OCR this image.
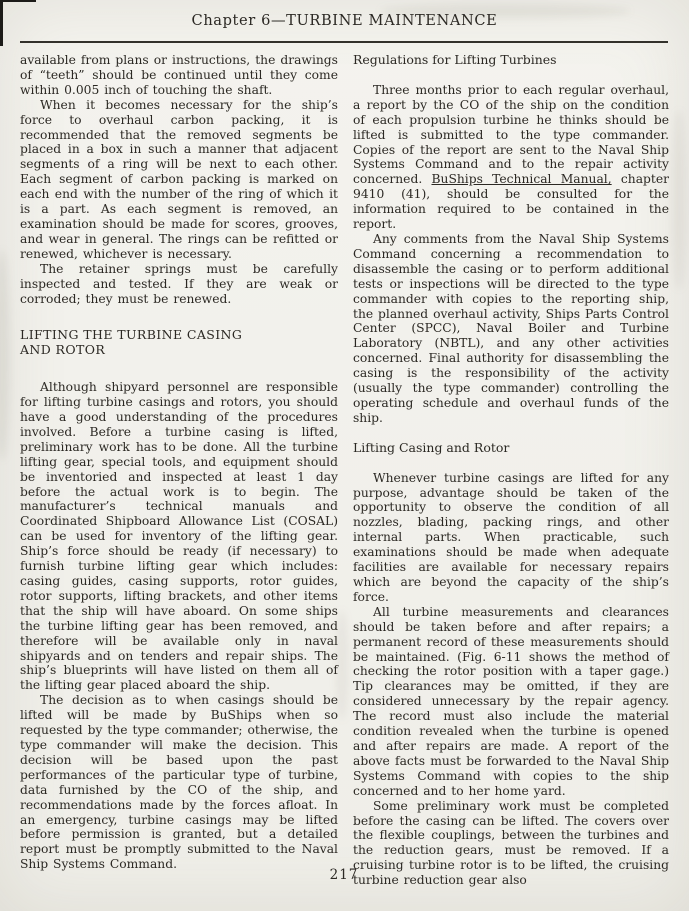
Chapter 6—TURBINE MAINTENANCE

available from plans or instructions, the drawings of “teeth” should be continued until they come within 0.005 inch of touching the shaft.

When it becomes necessary for the ship’s force to overhaul carbon packing, it is recommended that the removed segments be placed in a box in such a manner that adjacent segments of a ring will be next to each other. Each segment of carbon packing is marked on each end with the number of the ring of which it is a part. As each segment is removed, an examination should be made for scores, grooves, and wear in general. The rings can be refitted or renewed, whichever is necessary.

The retainer springs must be carefully inspected and tested. If they are weak or corroded; they must be renewed.

LIFTING THE TURBINE CASING
AND ROTOR

Although shipyard personnel are responsible for lifting turbine casings and rotors, you should have a good understanding of the procedures involved. Before a turbine casing is lifted, preliminary work has to be done. All the turbine lifting gear, special tools, and equipment should be inventoried and inspected at least 1 day before the actual work is to begin. The manufacturer’s technical manuals and Coordinated Shipboard Allowance List (COSAL) can be used for inventory of the lifting gear. Ship’s force should be ready (if necessary) to furnish turbine lifting gear which includes: casing guides, casing supports, rotor guides, rotor supports, lifting brackets, and other items that the ship will have aboard. On some ships the turbine lifting gear has been removed, and therefore will be available only in naval shipyards and on tenders and repair ships. The ship’s blueprints will have listed on them all of the lifting gear placed aboard the ship.

The decision as to when casings should be lifted will be made by BuShips when so requested by the type commander; otherwise, the type commander will make the decision. This decision will be based upon the past performances of the particular type of turbine, data furnished by the CO of the ship, and recommendations made by the forces afloat. In an emergency, turbine casings may be lifted before permission is granted, but a detailed report must be promptly submitted to the Naval Ship Systems Command.

Regulations for Lifting Turbines

Three months prior to each regular overhaul, a report by the CO of the ship on the condition of each propulsion turbine he thinks should be lifted is submitted to the type commander. Copies of the report are sent to the Naval Ship Systems Command and to the repair activity concerned. BuShips Technical Manual, chapter 9410 (41), should be consulted for the information required to be contained in the report.

Any comments from the Naval Ship Systems Command concerning a recommendation to disassemble the casing or to perform additional tests or inspections will be directed to the type commander with copies to the reporting ship, the planned overhaul activity, Ships Parts Control Center (SPCC), Naval Boiler and Turbine Laboratory (NBTL), and any other activities concerned. Final authority for disassembling the casing is the responsibility of the activity (usually the type commander) controlling the operating schedule and overhaul funds of the ship.

Lifting Casing and Rotor

Whenever turbine casings are lifted for any purpose, advantage should be taken of the opportunity to observe the condition of all nozzles, blading, packing rings, and other internal parts. When practicable, such examinations should be made when adequate facilities are available for necessary repairs which are beyond the capacity of the ship’s force.

All turbine measurements and clearances should be taken before and after repairs; a permanent record of these measurements should be maintained. (Fig. 6-11 shows the method of checking the rotor position with a taper gage.) Tip clearances may be omitted, if they are considered unnecessary by the repair agency. The record must also include the material condition revealed when the turbine is opened and after repairs are made. A report of the above facts must be forwarded to the Naval Ship Systems Command with copies to the ship concerned and to her home yard.

Some preliminary work must be completed before the casing can be lifted. The covers over the flexible couplings, between the turbines and the reduction gears, must be removed. If a cruising turbine rotor is to be lifted, the cruising turbine reduction gear also

217
